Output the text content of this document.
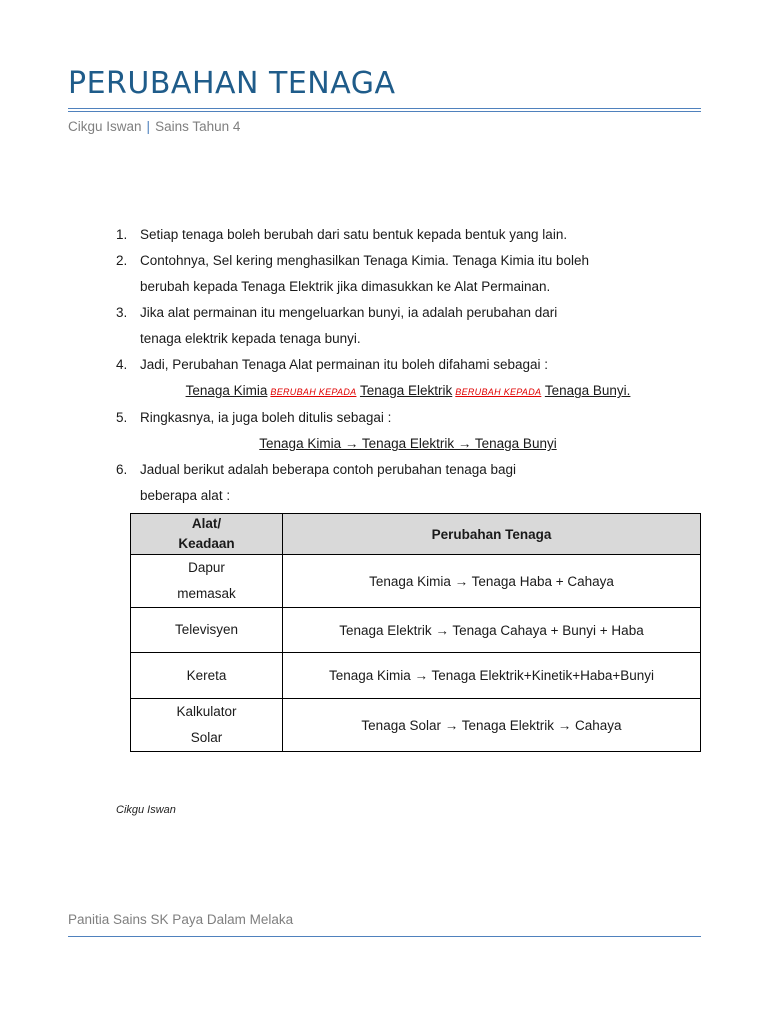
PERUBAHAN TENAGA
Cikgu Iswan | Sains Tahun 4
1. Setiap tenaga boleh berubah dari satu bentuk kepada bentuk yang lain.
2. Contohnya, Sel kering menghasilkan Tenaga Kimia. Tenaga Kimia itu boleh
berubah kepada Tenaga Elektrik jika dimasukkan ke Alat Permainan.
3. Jika alat permainan itu mengeluarkan bunyi, ia adalah perubahan dari
tenaga elektrik kepada tenaga bunyi.
4. Jadi, Perubahan Tenaga Alat permainan itu boleh difahami sebagai :
Tenaga Kimia BERUBAH KEPADA Tenaga Elektrik BERUBAH KEPADA Tenaga Bunyi.
5. Ringkasnya, ia juga boleh ditulis sebagai :
Tenaga Kimia → Tenaga Elektrik → Tenaga Bunyi
6. Jadual berikut adalah beberapa contoh perubahan tenaga bagi
beberapa alat :
Alat/
Keadaan	Perubahan Tenaga

Dapur
memasak	Tenaga Kimia → Tenaga Haba + Cahaya

Televisyen	Tenaga Elektrik → Tenaga Cahaya + Bunyi + Haba

Kereta	Tenaga Kimia → Tenaga Elektrik+Kinetik+Haba+Bunyi

Kalkulator
Solar	Tenaga Solar → Tenaga Elektrik → Cahaya
Cikgu Iswan
Panitia Sains SK Paya Dalam Melaka
